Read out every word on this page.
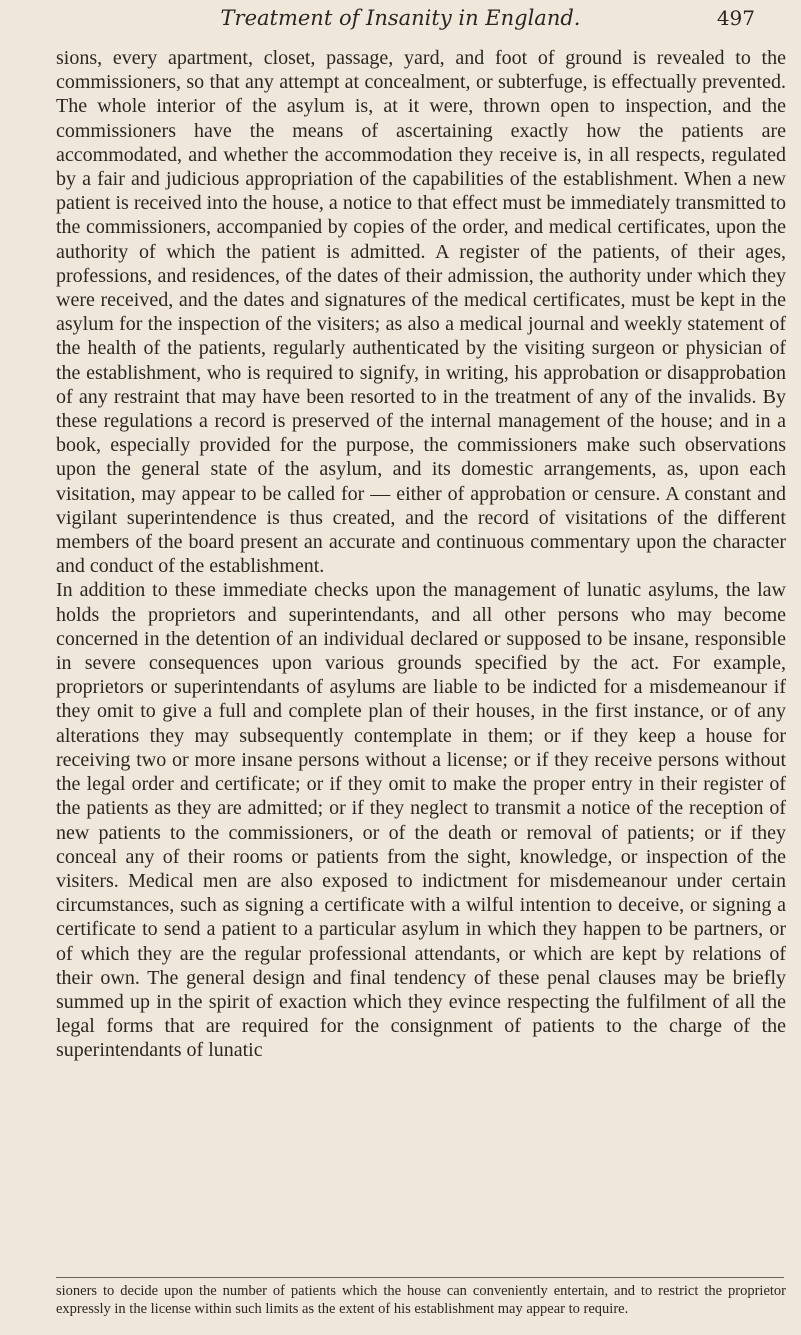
Treatment of Insanity in England.	497

sions, every apartment, closet, passage, yard, and foot of ground is revealed to the commissioners, so that any attempt at concealment, or subterfuge, is effectually prevented. The whole interior of the asylum is, at it were, thrown open to inspection, and the commissioners have the means of ascertaining exactly how the patients are accommodated, and whether the accommodation they receive is, in all respects, regulated by a fair and judicious appropriation of the capabilities of the establishment. When a new patient is received into the house, a notice to that effect must be immediately transmitted to the commissioners, accompanied by copies of the order, and medical certificates, upon the authority of which the patient is admitted. A register of the patients, of their ages, professions, and residences, of the dates of their admission, the authority under which they were received, and the dates and signatures of the medical certificates, must be kept in the asylum for the inspection of the visiters; as also a medical journal and weekly statement of the health of the patients, regularly authenticated by the visiting surgeon or physician of the establishment, who is required to signify, in writing, his approbation or disapprobation of any restraint that may have been resorted to in the treatment of any of the invalids. By these regulations a record is preserved of the internal management of the house; and in a book, especially provided for the purpose, the commissioners make such observations upon the general state of the asylum, and its domestic arrangements, as, upon each visitation, may appear to be called for — either of approbation or censure. A constant and vigilant superintendence is thus created, and the record of visitations of the different members of the board present an accurate and continuous commentary upon the character and conduct of the establishment.

In addition to these immediate checks upon the management of lunatic asylums, the law holds the proprietors and superintendants, and all other persons who may become concerned in the detention of an individual declared or supposed to be insane, responsible in severe consequences upon various grounds specified by the act. For example, proprietors or superintendants of asylums are liable to be indicted for a misdemeanour if they omit to give a full and complete plan of their houses, in the first instance, or of any alterations they may subsequently contemplate in them; or if they keep a house for receiving two or more insane persons without a license; or if they receive persons without the legal order and certificate; or if they omit to make the proper entry in their register of the patients as they are admitted; or if they neglect to transmit a notice of the reception of new patients to the commissioners, or of the death or removal of patients; or if they conceal any of their rooms or patients from the sight, knowledge, or inspection of the visiters. Medical men are also exposed to indictment for misdemeanour under certain circumstances, such as signing a certificate with a wilful intention to deceive, or signing a certificate to send a patient to a particular asylum in which they happen to be partners, or of which they are the regular professional attendants, or which are kept by relations of their own. The general design and final tendency of these penal clauses may be briefly summed up in the spirit of exaction which they evince respecting the fulfilment of all the legal forms that are required for the consignment of patients to the charge of the superintendants of lunatic

sioners to decide upon the number of patients which the house can conveniently entertain, and to restrict the proprietor expressly in the license within such limits as the extent of his establishment may appear to require.
